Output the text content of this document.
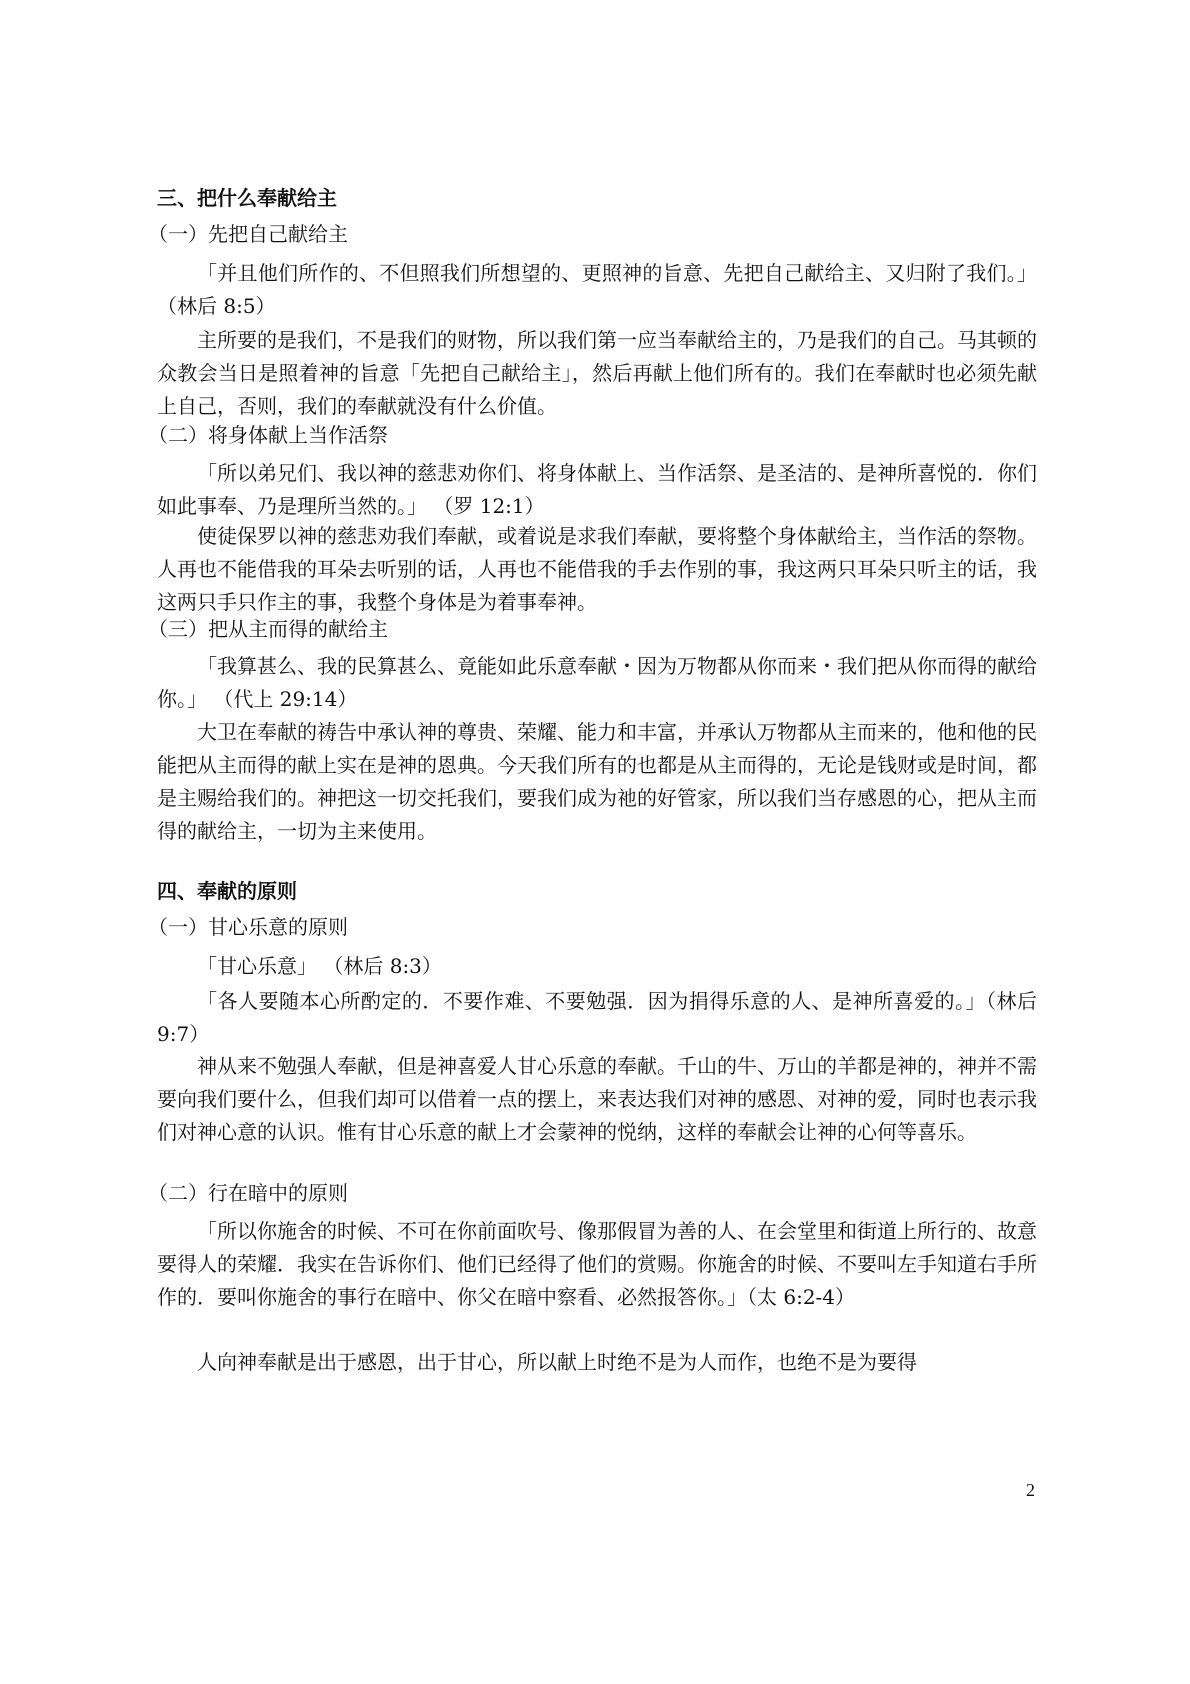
三、把什么奉献给主

（一）先把自己献给主

「并且他们所作的、不但照我们所想望的、更照神的旨意、先把自己献给主、又归附了我们。」 （林后 8:5）

主所要的是我们，不是我们的财物，所以我们第一应当奉献给主的，乃是我们的自己。马其顿的众教会当日是照着神的旨意「先把自己献给主」，然后再献上他们所有的。我们在奉献时也必须先献上自己，否则，我们的奉献就没有什么价值。

（二）将身体献上当作活祭

「所以弟兄们、我以神的慈悲劝你们、将身体献上、当作活祭、是圣洁的、是神所喜悦的．你们如此事奉、乃是理所当然的。」 （罗 12:1）

使徒保罗以神的慈悲劝我们奉献，或着说是求我们奉献，要将整个身体献给主，当作活的祭物。人再也不能借我的耳朵去听别的话，人再也不能借我的手去作别的事，我这两只耳朵只听主的话，我这两只手只作主的事，我整个身体是为着事奉神。

（三）把从主而得的献给主

「我算甚么、我的民算甚么、竟能如此乐意奉献・因为万物都从你而来・我们把从你而得的献给你。」 （代上 29:14）

大卫在奉献的祷告中承认神的尊贵、荣耀、能力和丰富，并承认万物都从主而来的，他和他的民能把从主而得的献上实在是神的恩典。今天我们所有的也都是从主而得的，无论是钱财或是时间，都是主赐给我们的。神把这一切交托我们，要我们成为祂的好管家，所以我们当存感恩的心，把从主而得的献给主，一切为主来使用。

四、奉献的原则

（一）甘心乐意的原则

「甘心乐意」 （林后 8:3）

「各人要随本心所酌定的．不要作难、不要勉强．因为捐得乐意的人、是神所喜爱的。」（林后 9:7）

神从来不勉强人奉献，但是神喜爱人甘心乐意的奉献。千山的牛、万山的羊都是神的，神并不需要向我们要什么，但我们却可以借着一点的摆上，来表达我们对神的感恩、对神的爱，同时也表示我们对神心意的认识。惟有甘心乐意的献上才会蒙神的悦纳，这样的奉献会让神的心何等喜乐。

（二）行在暗中的原则

「所以你施舍的时候、不可在你前面吹号、像那假冒为善的人、在会堂里和街道上所行的、故意要得人的荣耀．我实在告诉你们、他们已经得了他们的赏赐。你施舍的时候、不要叫左手知道右手所作的．要叫你施舍的事行在暗中、你父在暗中察看、必然报答你。」（太 6:2-4）

人向神奉献是出于感恩，出于甘心，所以献上时绝不是为人而作，也绝不是为要得

2
